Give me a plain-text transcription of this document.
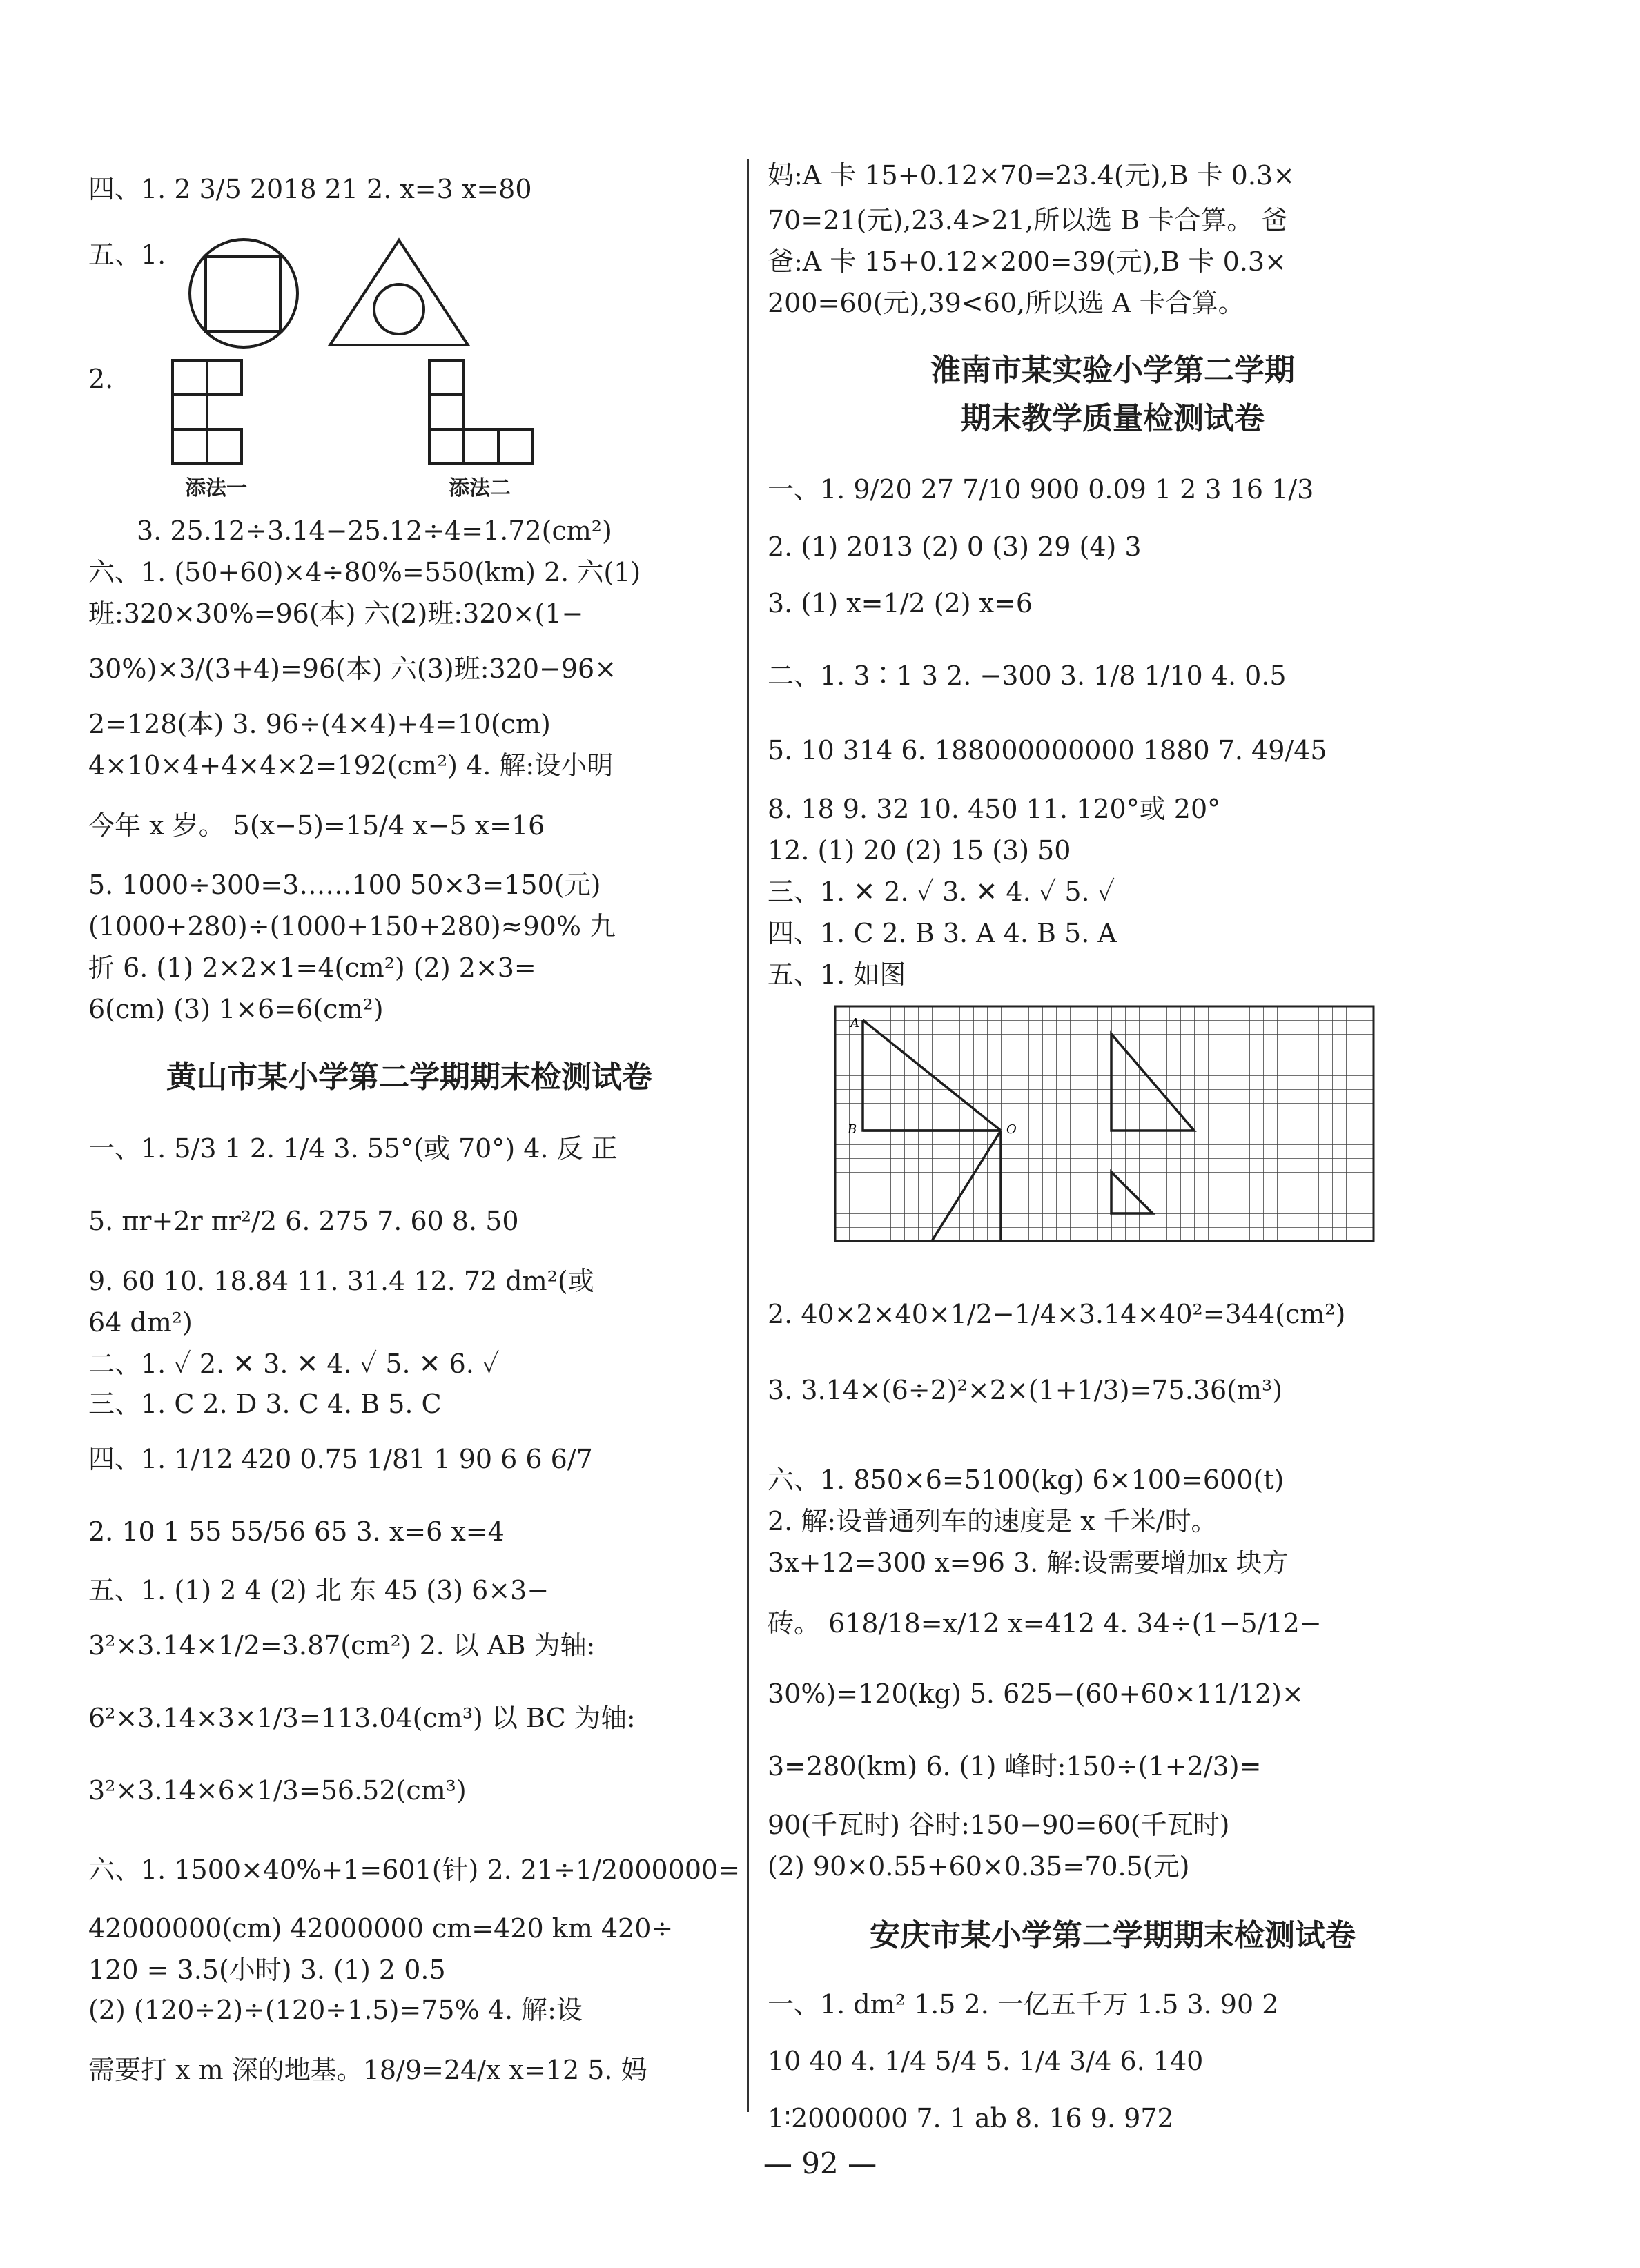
四、1. 2 3/5 2018 21 2. x=3 x=80
五、1.
2.
添法一	添法二
3. 25.12÷3.14−25.12÷4=1.72(cm²)
六、1. (50+60)×4÷80%=550(km) 2. 六(1)
班:320×30%=96(本) 六(2)班:320×(1−
30%)×3/(3+4)=96(本) 六(3)班:320−96×
2=128(本) 3. 96÷(4×4)+4=10(cm)
4×10×4+4×4×2=192(cm²) 4. 解:设小明
今年 x 岁。 5(x−5)=15/4 x−5 x=16
5. 1000÷300=3……100 50×3=150(元)
(1000+280)÷(1000+150+280)≈90% 九
折 6. (1) 2×2×1=4(cm²) (2) 2×3=
6(cm) (3) 1×6=6(cm²)
黄山市某小学第二学期期末检测试卷
一、1. 5/3 1 2. 1/4 3. 55°(或 70°) 4. 反 正
5. πr+2r πr²/2 6. 275 7. 60 8. 50
9. 60 10. 18.84 11. 31.4 12. 72 dm²(或
64 dm²)
二、1. ✓ 2. ✕ 3. ✕ 4. ✓ 5. ✕ 6. ✓
三、1. C 2. D 3. C 4. B 5. C
四、1. 1/12 420 0.75 1/81 1 90 6 6 6/7
2. 10 1 55 55/56 65 3. x=6 x=4
五、1. (1) 2 4 (2) 北 东 45 (3) 6×3−
3²×3.14×1/2=3.87(cm²) 2. 以 AB 为轴:
6²×3.14×3×1/3=113.04(cm³) 以 BC 为轴:
3²×3.14×6×1/3=56.52(cm³)
六、1. 1500×40%+1=601(针) 2. 21÷1/2000000=
42000000(cm) 42000000 cm=420 km 420÷
120 = 3.5(小时) 3. (1) 2 0.5
(2) (120÷2)÷(120÷1.5)=75% 4. 解:设
需要打 x m 深的地基。18/9=24/x x=12 5. 妈
妈:A 卡 15+0.12×70=23.4(元),B 卡 0.3×
70=21(元),23.4>21,所以选 B 卡合算。 爸
爸:A 卡 15+0.12×200=39(元),B 卡 0.3×
200=60(元),39<60,所以选 A 卡合算。
淮南市某实验小学第二学期
期末教学质量检测试卷
一、1. 9/20 27 7/10 900 0.09 1 2 3 16 1/3
2. (1) 2013 (2) 0 (3) 29 (4) 3
3. (1) x=1/2 (2) x=6
二、1. 3∶1 3 2. −300 3. 1/8 1/10 4. 0.5
5. 10 314 6. 188000000000 1880 7. 49/45
8. 18 9. 32 10. 450 11. 120°或 20°
12. (1) 20 (2) 15 (3) 50
三、1. ✕ 2. ✓ 3. ✕ 4. ✓ 5. ✓
四、1. C 2. B 3. A 4. B 5. A
五、1. 如图
A
B	O
2. 40×2×40×1/2−1/4×3.14×40²=344(cm²)
3. 3.14×(6÷2)²×2×(1+1/3)=75.36(m³)
六、1. 850×6=5100(kg) 6×100=600(t)
2. 解:设普通列车的速度是 x 千米/时。
3x+12=300 x=96 3. 解:设需要增加x 块方
砖。 618/18=x/12 x=412 4. 34÷(1−5/12−
30%)=120(kg) 5. 625−(60+60×11/12)×
3=280(km) 6. (1) 峰时:150÷(1+2/3)=
90(千瓦时) 谷时:150−90=60(千瓦时)
(2) 90×0.55+60×0.35=70.5(元)
安庆市某小学第二学期期末检测试卷
一、1. dm² 1.5 2. 一亿五千万 1.5 3. 90 2
10 40 4. 1/4 5/4 5. 1/4 3/4 6. 140
1∶2000000 7. 1 ab 8. 16 9. 972
— 92 —
